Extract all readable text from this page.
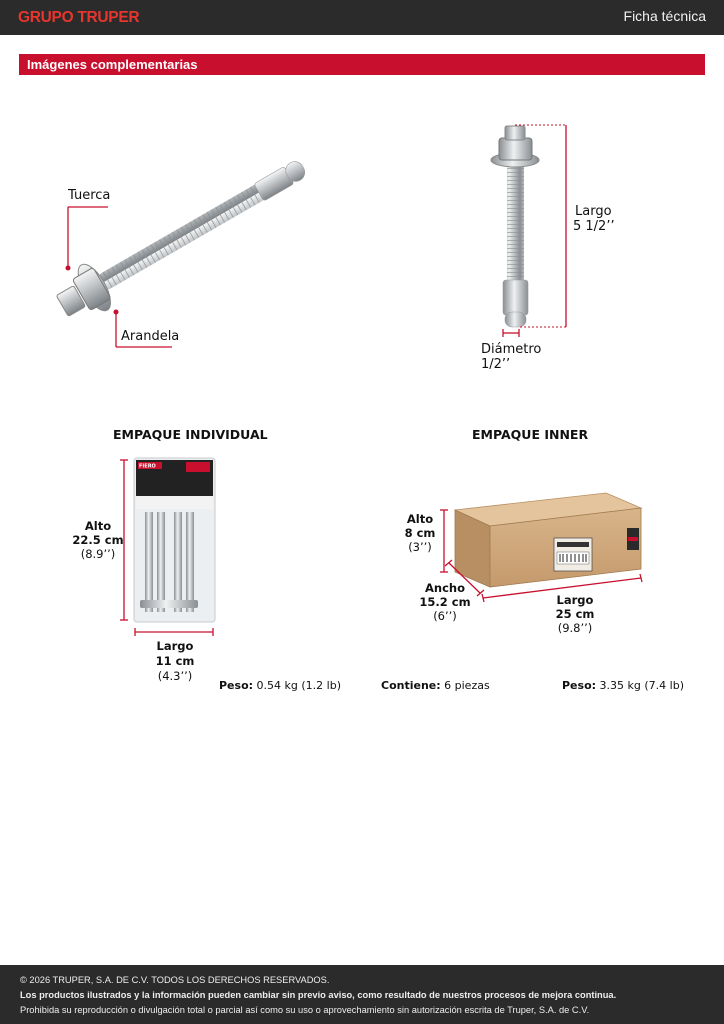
GRUPO TRUPER	Ficha técnica
Imágenes complementarias
FIERO
Tuerca
Arandela
Largo
5 1/2’’
Diámetro
1/2’’
EMPAQUE INDIVIDUAL	EMPAQUE INNER
Alto
22.5 cm
(8.9’’)
Largo
11 cm
(4.3’’)
Alto
8 cm
(3’’)
Ancho
15.2 cm
(6’’)
Largo
25 cm
(9.8’’)
Peso: 0.54 kg (1.2 lb)	Contiene: 6 piezas	Peso: 3.35 kg (7.4 lb)
© 2026 TRUPER, S.A. DE C.V. TODOS LOS DERECHOS RESERVADOS.
Los productos ilustrados y la información pueden cambiar sin previo aviso, como resultado de nuestros procesos de mejora continua.
Prohibida su reproducción o divulgación total o parcial así como su uso o aprovechamiento sin autorización escrita de Truper, S.A. de C.V.
